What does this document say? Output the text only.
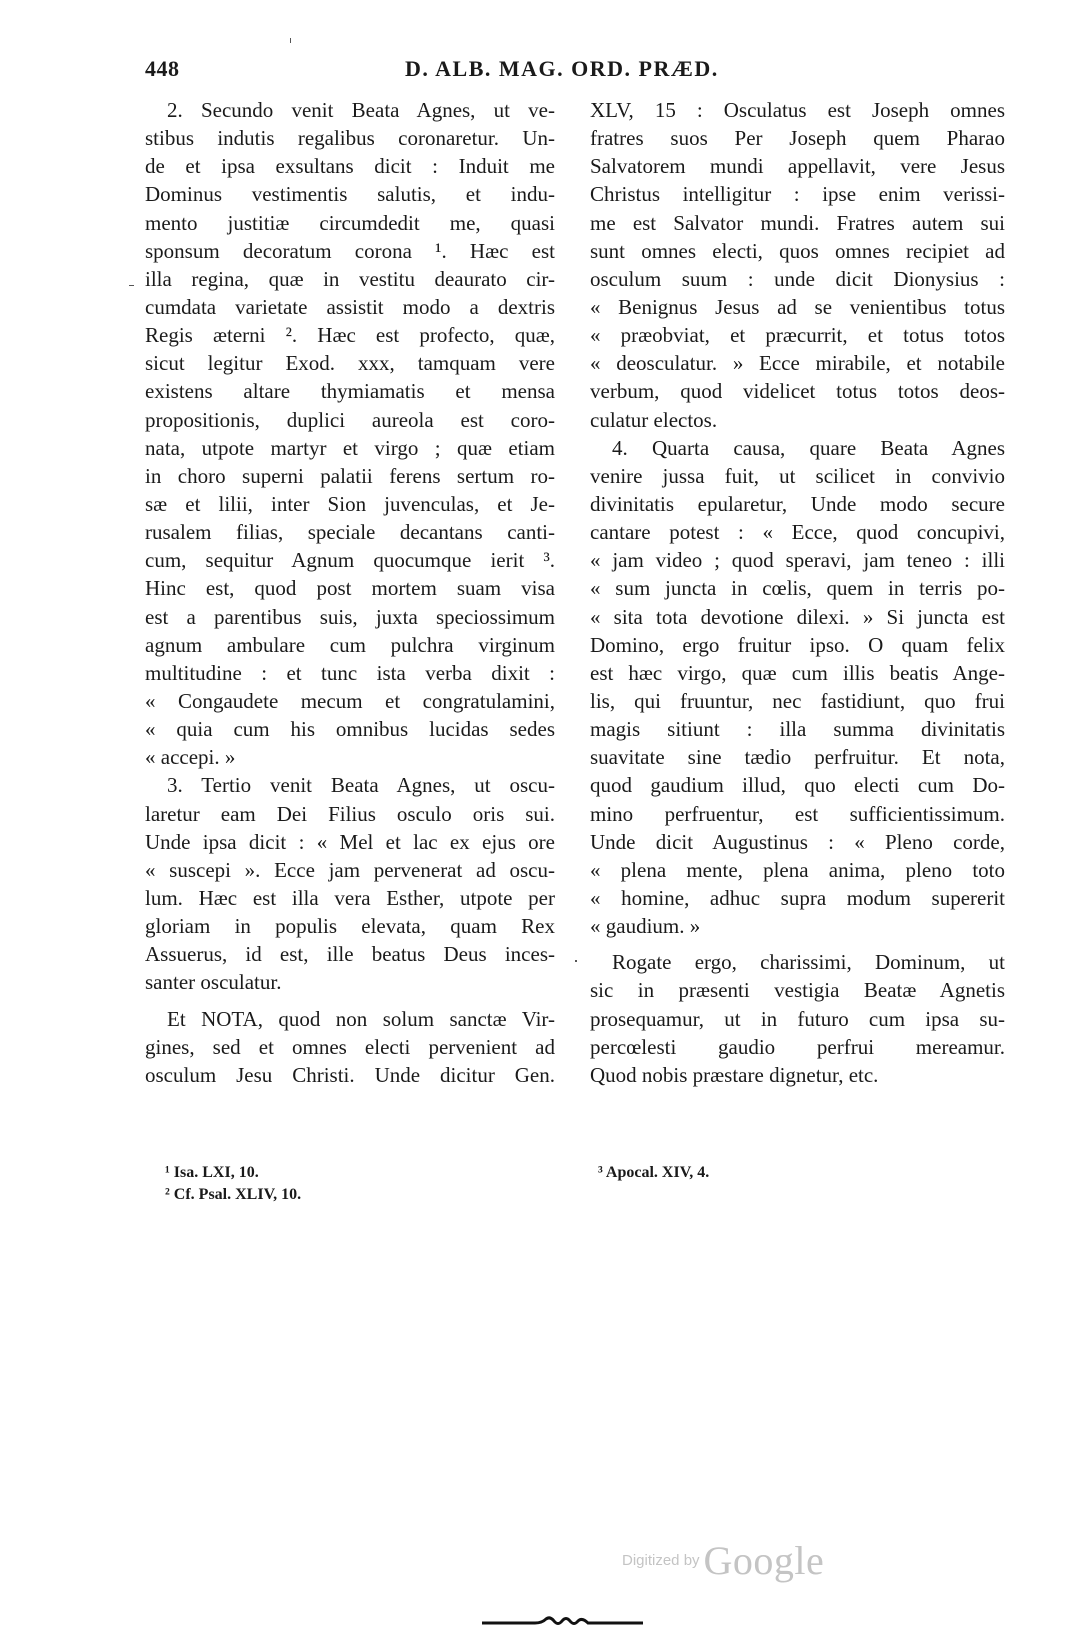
448	D. ALB. MAG. ORD. PRÆD.
2. Secundo venit Beata Agnes, ut ve-
stibus indutis regalibus coronaretur. Un-
de et ipsa exsultans dicit : Induit me
Dominus vestimentis salutis, et indu-
mento justitiæ circumdedit me, quasi
sponsum decoratum corona ¹. Hæc est
illa regina, quæ in vestitu deaurato cir-
cumdata varietate assistit modo a dextris
Regis æterni ². Hæc est profecto, quæ,
sicut legitur Exod. xxx, tamquam vere
existens altare thymiamatis et mensa
propositionis, duplici aureola est coro-
nata, utpote martyr et virgo ; quæ etiam
in choro superni palatii ferens sertum ro-
sæ et lilii, inter Sion juvenculas, et Je-
rusalem filias, speciale decantans canti-
cum, sequitur Agnum quocumque ierit ³.
Hinc est, quod post mortem suam visa
est a parentibus suis, juxta speciossimum
agnum ambulare cum pulchra virginum
multitudine : et tunc ista verba dixit :
« Congaudete mecum et congratulamini,
« quia cum his omnibus lucidas sedes
« accepi. »
3. Tertio venit Beata Agnes, ut oscu-
laretur eam Dei Filius osculo oris sui.
Unde ipsa dicit : « Mel et lac ex ejus ore
« suscepi ». Ecce jam pervenerat ad oscu-
lum. Hæc est illa vera Esther, utpote per
gloriam in populis elevata, quam Rex
Assuerus, id est, ille beatus Deus inces-
santer osculatur.
Et NOTA, quod non solum sanctæ Vir-
gines, sed et omnes electi pervenient ad
osculum Jesu Christi. Unde dicitur Gen.
XLV, 15 : Osculatus est Joseph omnes
fratres suos Per Joseph quem Pharao
Salvatorem mundi appellavit, vere Jesus
Christus intelligitur : ipse enim verissi-
me est Salvator mundi. Fratres autem sui
sunt omnes electi, quos omnes recipiet ad
osculum suum : unde dicit Dionysius :
« Benignus Jesus ad se venientibus totus
« præobviat, et præcurrit, et totus totos
« deosculatur. » Ecce mirabile, et notabile
verbum, quod videlicet totus totos deos-
culatur electos.
4. Quarta causa, quare Beata Agnes
venire jussa fuit, ut scilicet in convivio
divinitatis epularetur, Unde modo secure
cantare potest : « Ecce, quod concupivi,
« jam video ; quod speravi, jam teneo : illi
« sum juncta in cœlis, quem in terris po-
« sita tota devotione dilexi. » Si juncta est
Domino, ergo fruitur ipso. O quam felix
est hæc virgo, quæ cum illis beatis Ange-
lis, qui fruuntur, nec fastidiunt, quo frui
magis sitiunt : illa summa divinitatis
suavitate sine tædio perfruitur. Et nota,
quod gaudium illud, quo electi cum Do-
mino perfruentur, est sufficientissimum.
Unde dicit Augustinus : « Pleno corde,
« plena mente, plena anima, pleno toto
« homine, adhuc supra modum supererit
« gaudium. »
Rogate ergo, charissimi, Dominum, ut
sic in præsenti vestigia Beatæ Agnetis
prosequamur, ut in futuro cum ipsa su-
percœlesti gaudio perfrui mereamur.
Quod nobis præstare dignetur, etc.
¹ Isa. LXI, 10.
² Cf. Psal. XLIV, 10.
³ Apocal. XIV, 4.
Digitized by Google
